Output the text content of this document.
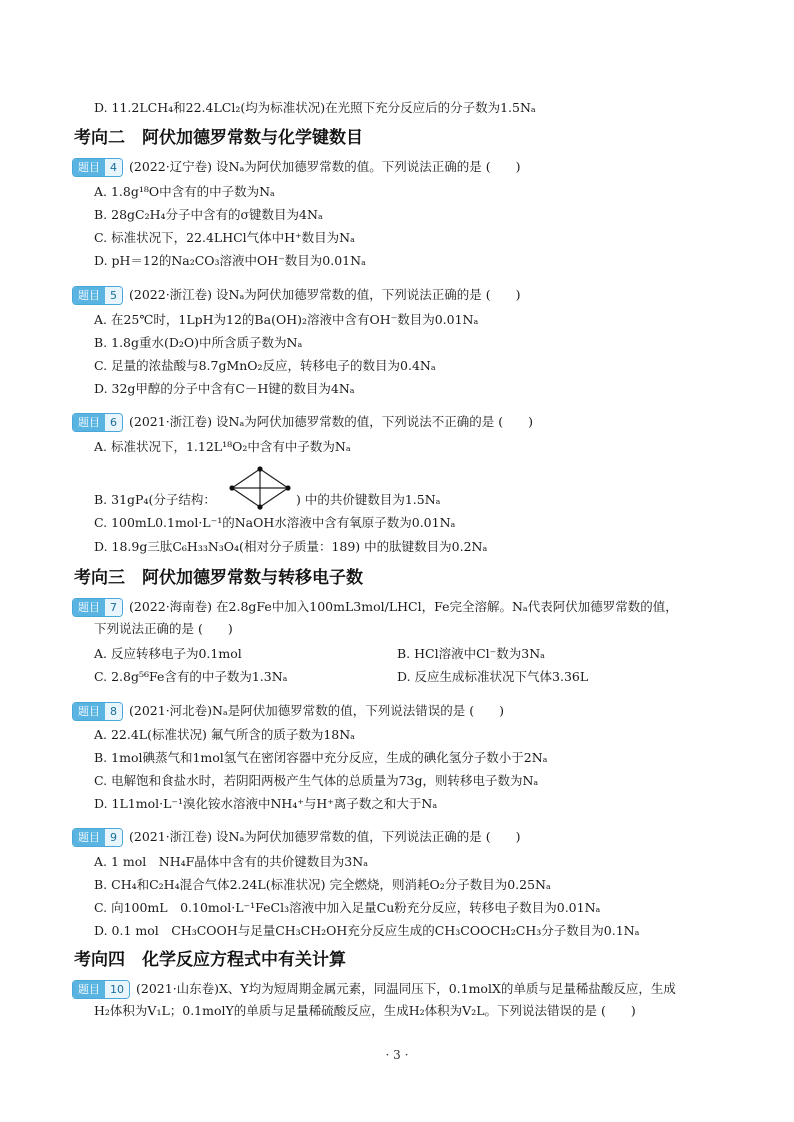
D. 11.2LCH₄和22.4LCl₂(均为标准状况)在光照下充分反应后的分子数为1.5Nₐ
考向二　阿伏加德罗常数与化学键数目
题目 4 (2022·辽宁卷) 设Nₐ为阿伏加德罗常数的值。下列说法正确的是 (　　)
A. 1.8g¹⁸O中含有的中子数为Nₐ
B. 28gC₂H₄分子中含有的σ键数目为4Nₐ
C. 标准状况下，22.4LHCl气体中H⁺数目为Nₐ
D. pH＝12的Na₂CO₃溶液中OH⁻数目为0.01Nₐ
题目 5 (2022·浙江卷) 设Nₐ为阿伏加德罗常数的值，下列说法正确的是 (　　)
A. 在25℃时，1LpH为12的Ba(OH)₂溶液中含有OH⁻数目为0.01Nₐ
B. 1.8g重水(D₂O)中所含质子数为Nₐ
C. 足量的浓盐酸与8.7gMnO₂反应，转移电子的数目为0.4Nₐ
D. 32g甲醇的分子中含有C－H键的数目为4Nₐ
题目 6 (2021·浙江卷) 设Nₐ为阿伏加德罗常数的值，下列说法不正确的是 (　　)
A. 标准状况下，1.12L¹⁸O₂中含有中子数为Nₐ
B. 31gP₄(分子结构：	) 中的共价键数目为1.5Nₐ
C. 100mL0.1mol·L⁻¹的NaOH水溶液中含有氧原子数为0.01Nₐ
D. 18.9g三肽C₆H₃₃N₃O₄(相对分子质量：189) 中的肽键数目为0.2Nₐ
考向三　阿伏加德罗常数与转移电子数
题目 7 (2022·海南卷) 在2.8gFe中加入100mL3mol/LHCl，Fe完全溶解。Nₐ代表阿伏加德罗常数的值，
下列说法正确的是 (　　)
A. 反应转移电子为0.1mol	B. HCl溶液中Cl⁻数为3Nₐ
C. 2.8g⁵⁶Fe含有的中子数为1.3Nₐ	D. 反应生成标准状况下气体3.36L
题目 8 (2021·河北卷)Nₐ是阿伏加德罗常数的值，下列说法错误的是 (　　)
A. 22.4L(标准状况) 氟气所含的质子数为18Nₐ
B. 1mol碘蒸气和1mol氢气在密闭容器中充分反应，生成的碘化氢分子数小于2Nₐ
C. 电解饱和食盐水时，若阴阳两极产生气体的总质量为73g，则转移电子数为Nₐ
D. 1L1mol·L⁻¹溴化铵水溶液中NH₄⁺与H⁺离子数之和大于Nₐ
题目 9 (2021·浙江卷) 设Nₐ为阿伏加德罗常数的值，下列说法正确的是 (　　)
A. 1 mol　NH₄F晶体中含有的共价键数目为3Nₐ
B. CH₄和C₂H₄混合气体2.24L(标准状况) 完全燃烧，则消耗O₂分子数目为0.25Nₐ
C. 向100mL　0.10mol·L⁻¹FeCl₃溶液中加入足量Cu粉充分反应，转移电子数目为0.01Nₐ
D. 0.1 mol　CH₃COOH与足量CH₃CH₂OH充分反应生成的CH₃COOCH₂CH₃分子数目为0.1Nₐ
考向四　化学反应方程式中有关计算
题目 10 (2021·山东卷)X、Y均为短周期金属元素，同温同压下，0.1molX的单质与足量稀盐酸反应，生成
H₂体积为V₁L；0.1molY的单质与足量稀硫酸反应，生成H₂体积为V₂L。下列说法错误的是 (　　)
· 3 ·
